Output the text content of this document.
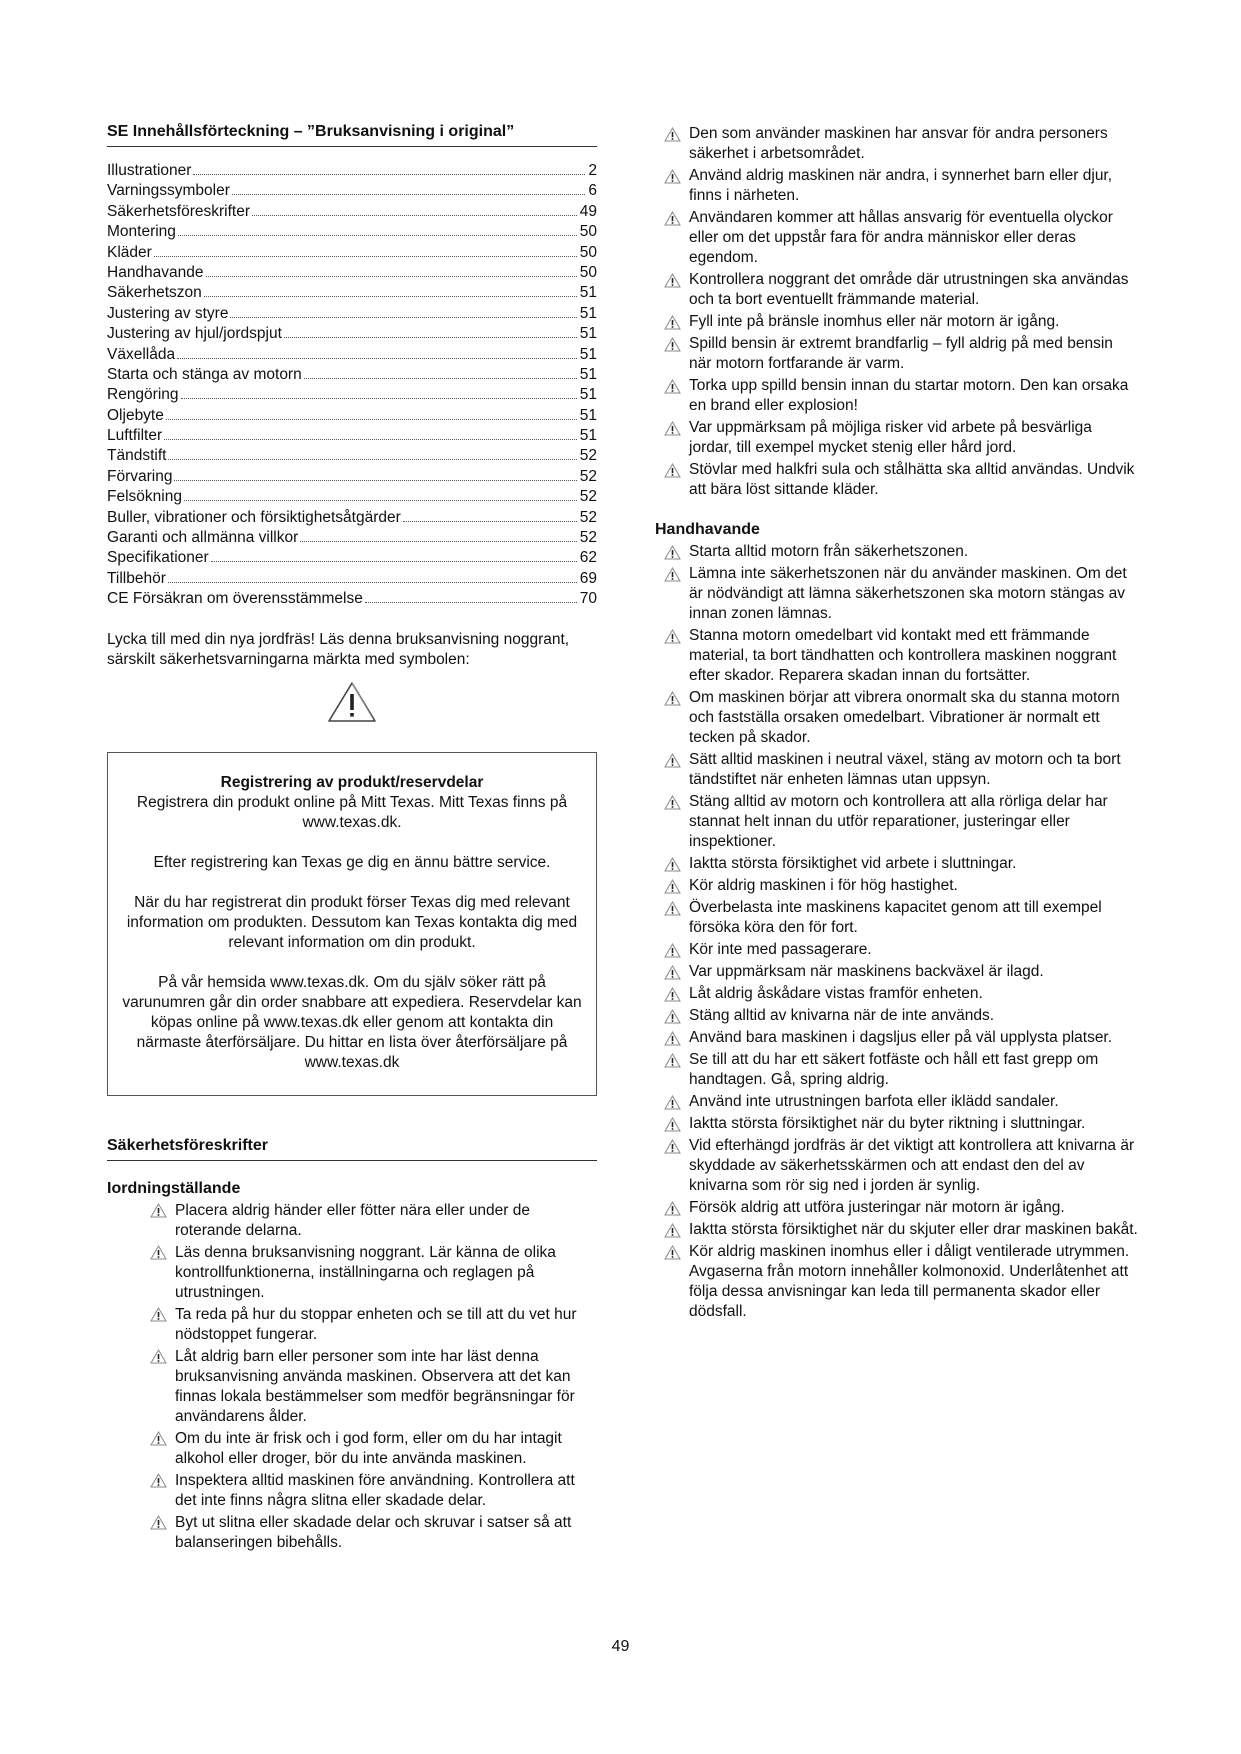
SE Innehållsförteckning – ”Bruksanvisning i original”
Illustrationer	2
Varningssymboler	6
Säkerhetsföreskrifter	49
Montering	50
Kläder	50
Handhavande	50
Säkerhetszon	51
Justering av styre	51
Justering av hjul/jordspjut	51
Växellåda	51
Starta och stänga av motorn	51
Rengöring	51
Oljebyte	51
Luftfilter	51
Tändstift	52
Förvaring	52
Felsökning	52
Buller, vibrationer och försiktighetsåtgärder	52
Garanti och allmänna villkor	52
Specifikationer	62
Tillbehör	69
CE Försäkran om överensstämmelse	70

Lycka till med din nya jordfräs! Läs denna bruksanvisning noggrant, särskilt säkerhetsvarningarna märkta med symbolen:

Registrering av produkt/reservdelar

Registrera din produkt online på Mitt Texas. Mitt Texas finns på www.texas.dk.

Efter registrering kan Texas ge dig en ännu bättre service.

När du har registrerat din produkt förser Texas dig med relevant information om produkten. Dessutom kan Texas kontakta dig med relevant information om din produkt.

På vår hemsida www.texas.dk. Om du själv söker rätt på varunumren går din order snabbare att expediera. Reservdelar kan köpas online på www.texas.dk eller genom att kontakta din närmaste återförsäljare. Du hittar en lista över återförsäljare på www.texas.dk

Säkerhetsföreskrifter
Iordningställande
Placera aldrig händer eller fötter nära eller under de roterande delarna.
Läs denna bruksanvisning noggrant. Lär känna de olika kontrollfunktionerna, inställningarna och reglagen på utrustningen.
Ta reda på hur du stoppar enheten och se till att du vet hur nödstoppet fungerar.
Låt aldrig barn eller personer som inte har läst denna bruksanvisning använda maskinen. Observera att det kan finnas lokala bestämmelser som medför begränsningar för användarens ålder.
Om du inte är frisk och i god form, eller om du har intagit alkohol eller droger, bör du inte använda maskinen.
Inspektera alltid maskinen före användning. Kontrollera att det inte finns några slitna eller skadade delar.
Byt ut slitna eller skadade delar och skruvar i satser så att balanseringen bibehålls.
Den som använder maskinen har ansvar för andra personers säkerhet i arbetsområdet.
Använd aldrig maskinen när andra, i synnerhet barn eller djur, finns i närheten.
Användaren kommer att hållas ansvarig för eventuella olyckor eller om det uppstår fara för andra människor eller deras egendom.
Kontrollera noggrant det område där utrustningen ska användas och ta bort eventuellt främmande material.
Fyll inte på bränsle inomhus eller när motorn är igång.
Spilld bensin är extremt brandfarlig – fyll aldrig på med bensin när motorn fortfarande är varm.
Torka upp spilld bensin innan du startar motorn. Den kan orsaka en brand eller explosion!
Var uppmärksam på möjliga risker vid arbete på besvärliga jordar, till exempel mycket stenig eller hård jord.
Stövlar med halkfri sula och stålhätta ska alltid användas. Undvik att bära löst sittande kläder.
Handhavande
Starta alltid motorn från säkerhetszonen.
Lämna inte säkerhetszonen när du använder maskinen. Om det är nödvändigt att lämna säkerhetszonen ska motorn stängas av innan zonen lämnas.
Stanna motorn omedelbart vid kontakt med ett främmande material, ta bort tändhatten och kontrollera maskinen noggrant efter skador. Reparera skadan innan du fortsätter.
Om maskinen börjar att vibrera onormalt ska du stanna motorn och fastställa orsaken omedelbart. Vibrationer är normalt ett tecken på skador.
Sätt alltid maskinen i neutral växel, stäng av motorn och ta bort tändstiftet när enheten lämnas utan uppsyn.
Stäng alltid av motorn och kontrollera att alla rörliga delar har stannat helt innan du utför reparationer, justeringar eller inspektioner.
Iaktta största försiktighet vid arbete i sluttningar.
Kör aldrig maskinen i för hög hastighet.
Överbelasta inte maskinens kapacitet genom att till exempel försöka köra den för fort.
Kör inte med passagerare.
Var uppmärksam när maskinens backväxel är ilagd.
Låt aldrig åskådare vistas framför enheten.
Stäng alltid av knivarna när de inte används.
Använd bara maskinen i dagsljus eller på väl upplysta platser.
Se till att du har ett säkert fotfäste och håll ett fast grepp om handtagen. Gå, spring aldrig.
Använd inte utrustningen barfota eller iklädd sandaler.
Iaktta största försiktighet när du byter riktning i sluttningar.
Vid efterhängd jordfräs är det viktigt att kontrollera att knivarna är skyddade av säkerhetsskärmen och att endast den del av knivarna som rör sig ned i jorden är synlig.
Försök aldrig att utföra justeringar när motorn är igång.
Iaktta största försiktighet när du skjuter eller drar maskinen bakåt.
Kör aldrig maskinen inomhus eller i dåligt ventilerade utrymmen. Avgaserna från motorn innehåller kolmonoxid. Underlåtenhet att följa dessa anvisningar kan leda till permanenta skador eller dödsfall.
49
